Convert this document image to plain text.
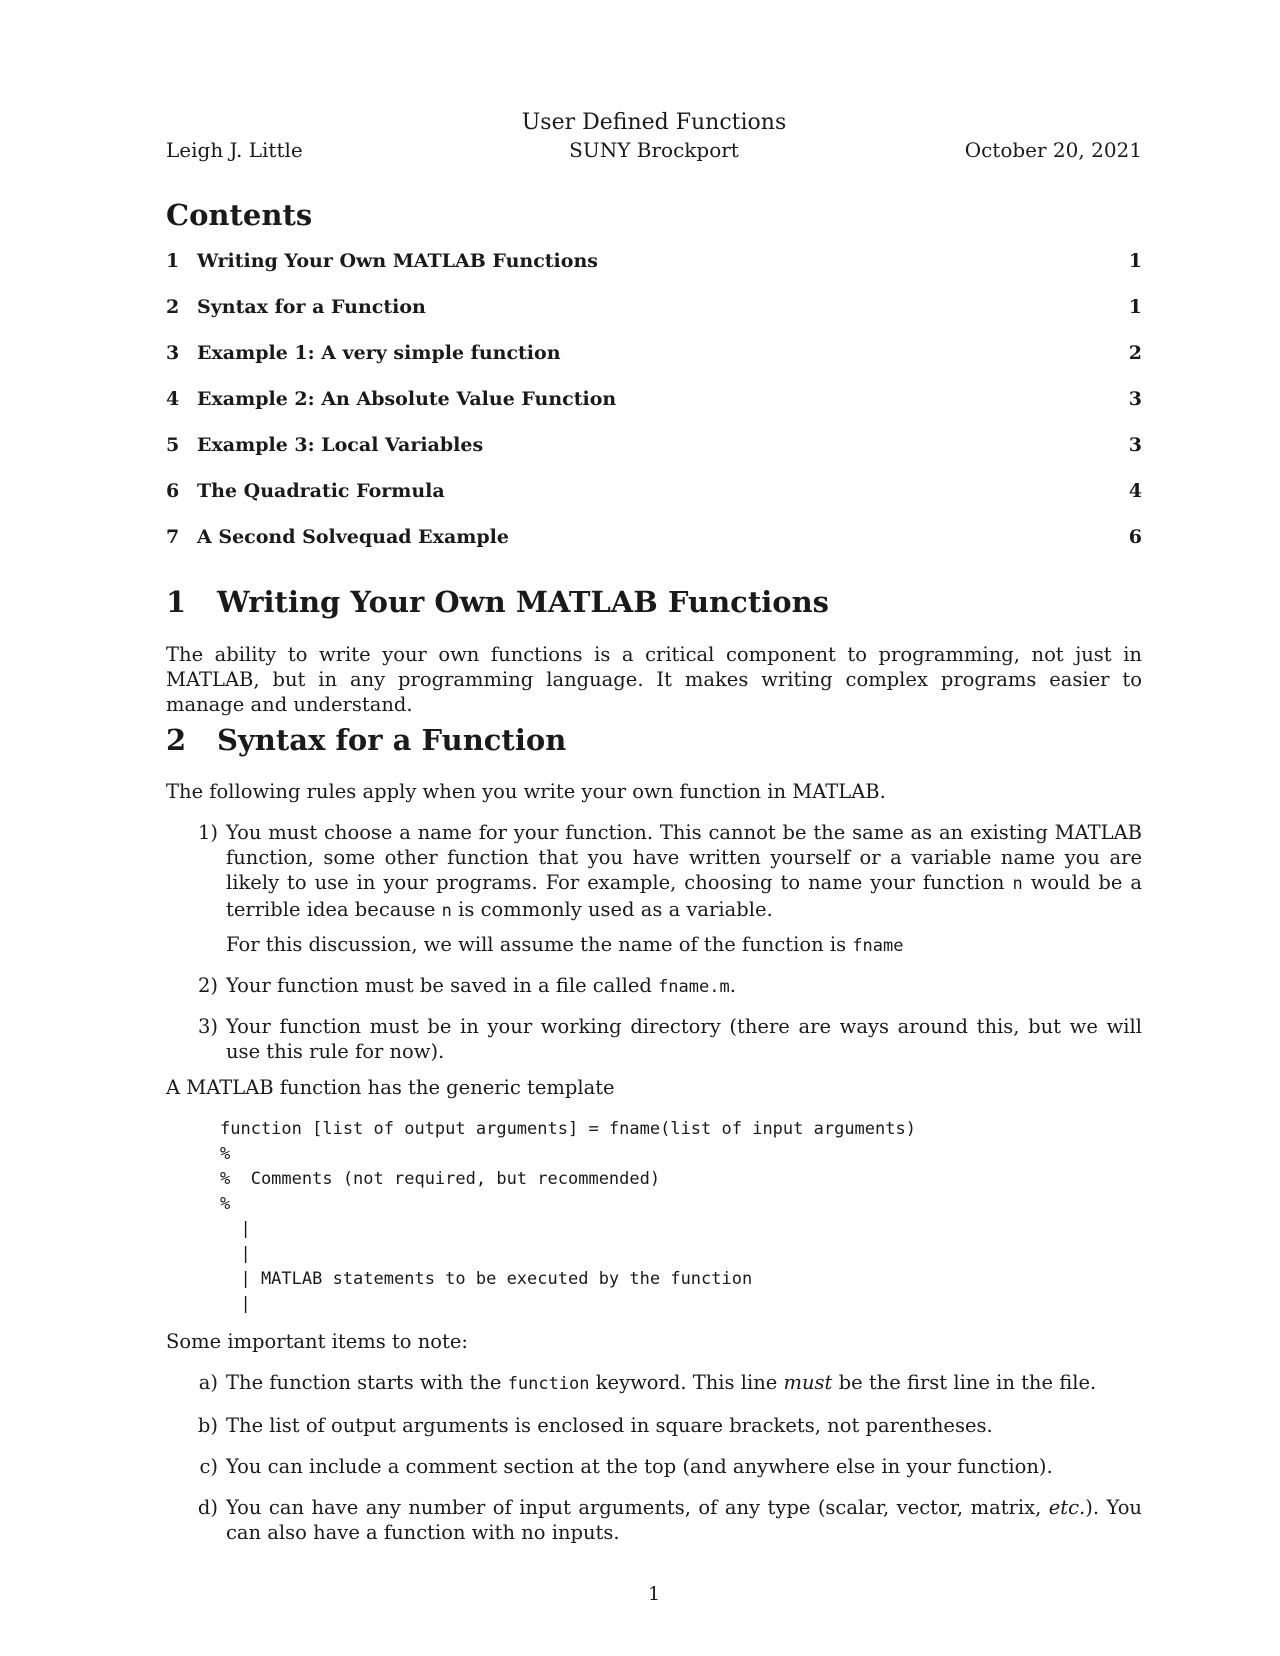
User Defined Functions
Leigh J. Little	SUNY Brockport	October 20, 2021
Contents
1 Writing Your Own MATLAB Functions	1
2 Syntax for a Function	1
3 Example 1: A very simple function	2
4 Example 2: An Absolute Value Function	3
5 Example 3: Local Variables	3
6 The Quadratic Formula	4
7 A Second Solvequad Example	6
1	Writing Your Own MATLAB Functions

The ability to write your own functions is a critical component to programming, not just in MATLAB, but in any programming language. It makes writing complex programs easier to manage and understand.

2	Syntax for a Function

The following rules apply when you write your own function in MATLAB.

1) You must choose a name for your function. This cannot be the same as an existing MATLAB function, some other function that you have written yourself or a variable name you are likely to use in your programs. For example, choosing to name your function n would be a terrible idea because n is commonly used as a variable.
For this discussion, we will assume the name of the function is fname
2) Your function must be saved in a file called fname.m.
3) Your function must be in your working directory (there are ways around this, but we will use this rule for now).

A MATLAB function has the generic template

function [list of output arguments] = fname(list of input arguments)
%
%  Comments (not required, but recommended)
%
|
|
| MATLAB statements to be executed by the function
|

Some important items to note:

a) The function starts with the function keyword. This line must be the first line in the file.
b) The list of output arguments is enclosed in square brackets, not parentheses.
c) You can include a comment section at the top (and anywhere else in your function).
d) You can have any number of input arguments, of any type (scalar, vector, matrix, etc.). You can also have a function with no inputs.
1
